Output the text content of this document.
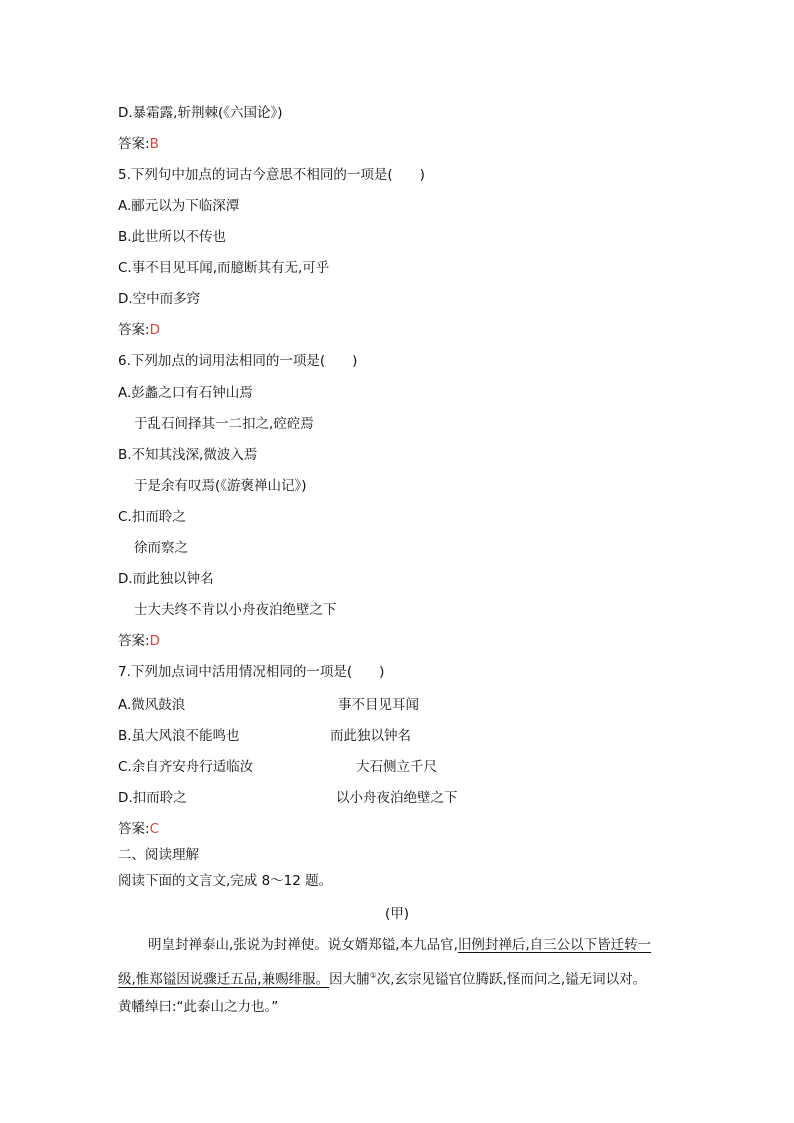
D.暴霜露,斩荆棘(《六国论》)
答案:B
5.下列句中加点的词古今意思不相同的一项是(　　)
A.郦元以为下临深潭
B.此世所以不传也
C.事不目见耳闻,而臆断其有无,可乎
D.空中而多窍
答案:D
6.下列加点的词用法相同的一项是(　　)
A.彭蠡之口有石钟山焉
于乱石间择其一二扣之,硿硿焉
B.不知其浅深,微波入焉
于是余有叹焉(《游褒禅山记》)
C.扣而聆之
徐而察之
D.而此独以钟名
士大夫终不肯以小舟夜泊绝壁之下
答案:D
7.下列加点词中活用情况相同的一项是(　　)
A.微风鼓浪	事不目见耳闻
B.虽大风浪不能鸣也	而此独以钟名
C.余自齐安舟行适临汝	大石侧立千尺
D.扣而聆之	以小舟夜泊绝壁之下
答案:C
二、阅读理解
阅读下面的文言文,完成 8～12 题。
(甲)
明皇封禅泰山,张说为封禅使。说女婿郑镒,本九品官,旧例封禅后,自三公以下皆迁转一
级,惟郑镒因说骤迁五品,兼赐绯服。因大脯①次,玄宗见镒官位腾跃,怪而问之,镒无词以对。
黄幡绰曰:“此泰山之力也。”
